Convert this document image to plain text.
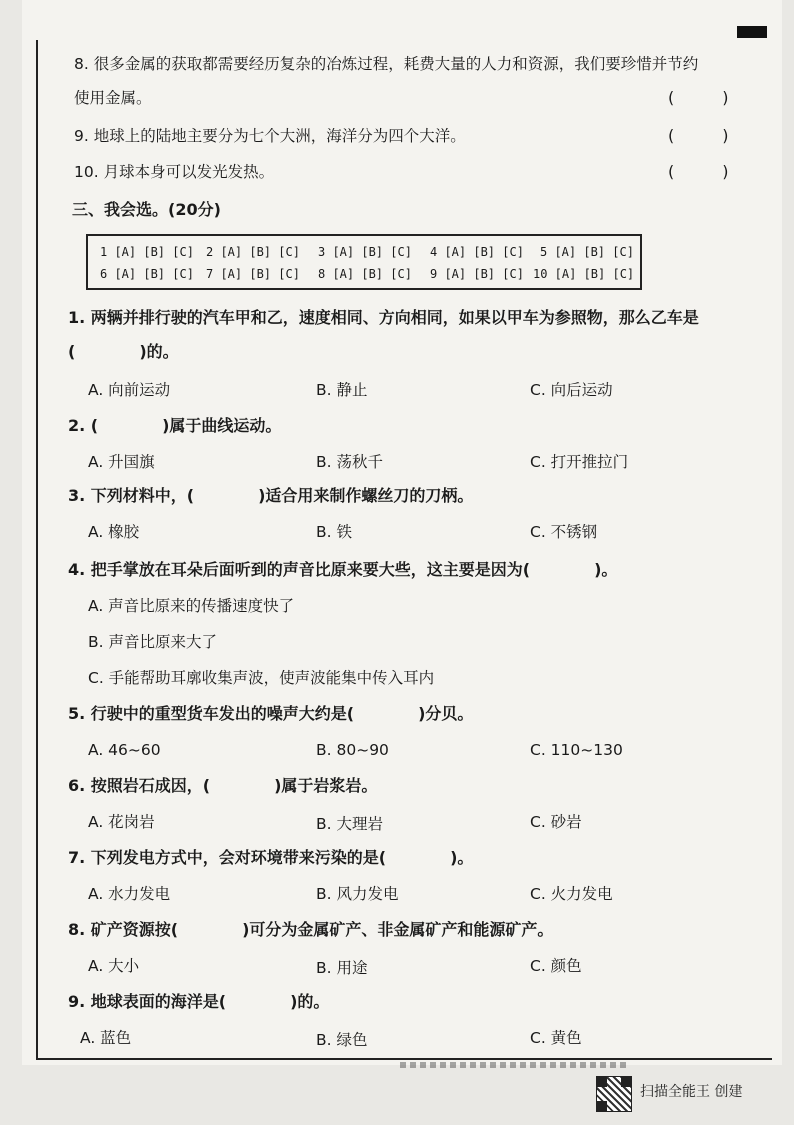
8. 很多金属的获取都需要经历复杂的冶炼过程，耗费大量的人力和资源，我们要珍惜并节约
使用金属。	(　　　)
9. 地球上的陆地主要分为七个大洲，海洋分为四个大洋。	(　　　)
10. 月球本身可以发光发热。	(　　　)
三、我会选。(20分)
1 [A] [B] [C] 2 [A] [B] [C] 3 [A] [B] [C] 4 [A] [B] [C] 5 [A] [B] [C]
6 [A] [B] [C] 7 [A] [B] [C] 8 [A] [B] [C] 9 [A] [B] [C] 10 [A] [B] [C]
1. 两辆并排行驶的汽车甲和乙，速度相同、方向相同，如果以甲车为参照物，那么乙车是
(　　　　)的。
A. 向前运动	B. 静止	C. 向后运动
2. (　　　　)属于曲线运动。
A. 升国旗	B. 荡秋千	C. 打开推拉门
3. 下列材料中，(　　　　)适合用来制作螺丝刀的刀柄。
A. 橡胶	B. 铁	C. 不锈钢
4. 把手掌放在耳朵后面听到的声音比原来要大些，这主要是因为(　　　　)。
A. 声音比原来的传播速度快了
B. 声音比原来大了
C. 手能帮助耳廓收集声波，使声波能集中传入耳内
5. 行驶中的重型货车发出的噪声大约是(　　　　)分贝。
A. 46~60	B. 80~90	C. 110~130
6. 按照岩石成因，(　　　　)属于岩浆岩。
A. 花岗岩	B. 大理岩	C. 砂岩
7. 下列发电方式中，会对环境带来污染的是(　　　　)。
A. 水力发电	B. 风力发电	C. 火力发电
8. 矿产资源按(　　　　)可分为金属矿产、非金属矿产和能源矿产。
A. 大小	B. 用途	C. 颜色
9. 地球表面的海洋是(　　　　)的。
A. 蓝色	B. 绿色	C. 黄色
扫描全能王 创建
